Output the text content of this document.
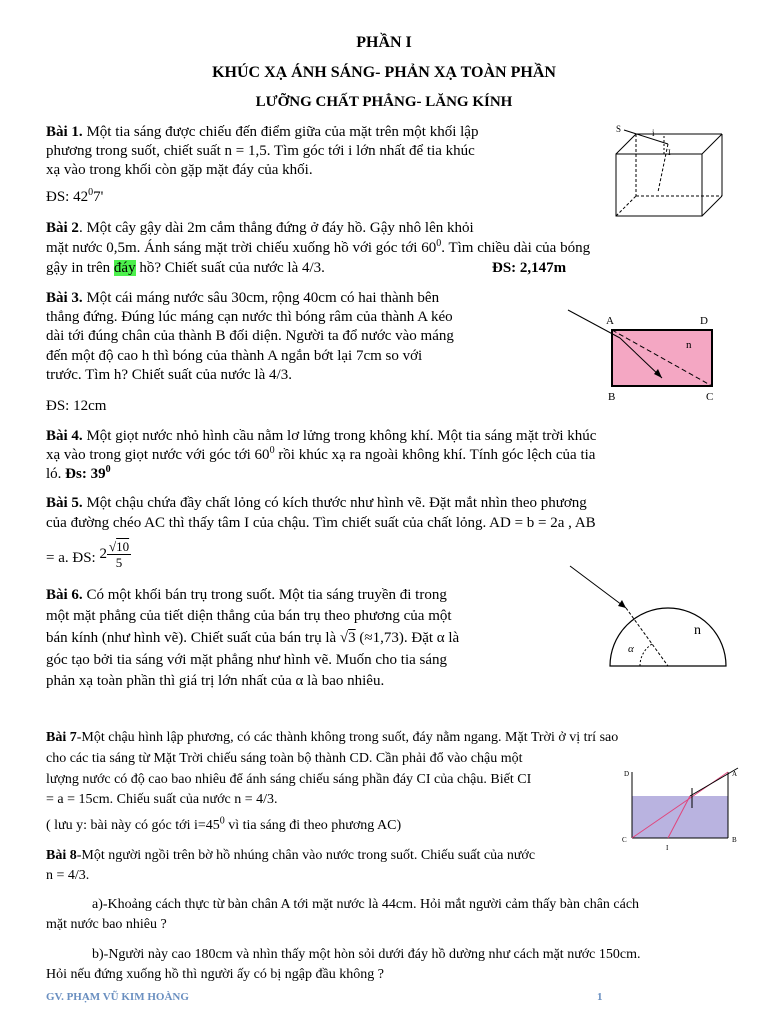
PHẦN I
KHÚC XẠ ÁNH SÁNG- PHẢN XẠ TOÀN PHẦN
LƯỠNG CHẤT PHẲNG- LĂNG KÍNH

Bài 1. Một tia sáng được chiếu đến điểm giữa của mặt trên một khối lập

phương trong suốt, chiết suất n = 1,5. Tìm góc tới i lớn nhất để tia khúc

xạ vào trong khối còn gặp mặt đáy của khối.

ĐS: $42^07'$

Bài 2. Một cây gậy dài 2m cắm thẳng đứng ở đáy hồ. Gậy nhô lên khỏi

mặt nước 0,5m. Ánh sáng mặt trời chiếu xuống hồ với góc tới $60^0$. Tìm chiều dài của bóng

gậy in trên đáy hồ? Chiết suất của nước là 4/3.	ĐS: 2,147m

Bài 3. Một cái máng nước sâu 30cm, rộng 40cm có hai thành bên

thẳng đứng. Đúng lúc máng cạn nước thì bóng râm của thành A kéo

dài tới đúng chân của thành B đối diện. Người ta đổ nước vào máng

đến một độ cao h thì bóng của thành A ngắn bớt lại 7cm so với

trước. Tìm h? Chiết suất của nước là 4/3.

ĐS: 12cm

Bài 4. Một giọt nước nhỏ hình cầu nằm lơ lửng trong không khí. Một tia sáng mặt trời khúc

xạ vào trong giọt nước với góc tới $60^0$ rồi khúc xạ ra ngoài không khí. Tính góc lệch của tia

ló. Đs: $39^0$

Bài 5. Một chậu chứa đầy chất lỏng có kích thước như hình vẽ. Đặt mắt nhìn theo phương

của đường chéo AC thì thấy tâm I của chậu. Tìm chiết suất của chất lỏng. AD = b = 2a , AB

= a. ĐS: $2 \frac{√10}{5}$

Bài 6. Có một khối bán trụ trong suốt. Một tia sáng truyền đi trong

một mặt phẳng của tiết diện thẳng của bán trụ theo phương của một

bán kính (như hình vẽ). Chiết suất của bán trụ là √3 (≈1,73). Đặt α là

góc tạo bởi tia sáng với mặt phẳng như hình vẽ. Muốn cho tia sáng

phản xạ toàn phần thì giá trị lớn nhất của α là bao nhiêu.

Bài 7-Một chậu hình lập phương, có các thành không trong suốt, đáy nằm ngang. Mặt Trời ở vị trí sao

cho các tia sáng từ Mặt Trời chiếu sáng toàn bộ thành CD. Cần phải đổ vào chậu một

lượng nước có độ cao bao nhiêu để ánh sáng chiếu sáng phần đáy CI của chậu. Biết CI

= a = 15cm. Chiếu suất của nước n = 4/3.

( lưu y: bài này có góc tới $i=45^0$ vì tia sáng đi theo phương AC)

Bài 8-Một người ngồi trên bờ hồ nhúng chân vào nước trong suốt. Chiếu suất của nước

n = 4/3.

a)-Khoảng cách thực từ bàn chân A tới mặt nước là 44cm. Hỏi mắt người cảm thấy bàn chân cách

mặt nước bao nhiêu ?

b)-Người này cao 180cm và nhìn thấy một hòn sỏi dưới đáy hồ dường như cách mặt nước 150cm.

Hỏi nếu đứng xuống hồ thì người ấy có bị ngập đầu không ?

GV. PHẠM VŨ KIM HOÀNG	1
S	i
I
A	D
B	C
n
n
α
D	A
C	B
I
